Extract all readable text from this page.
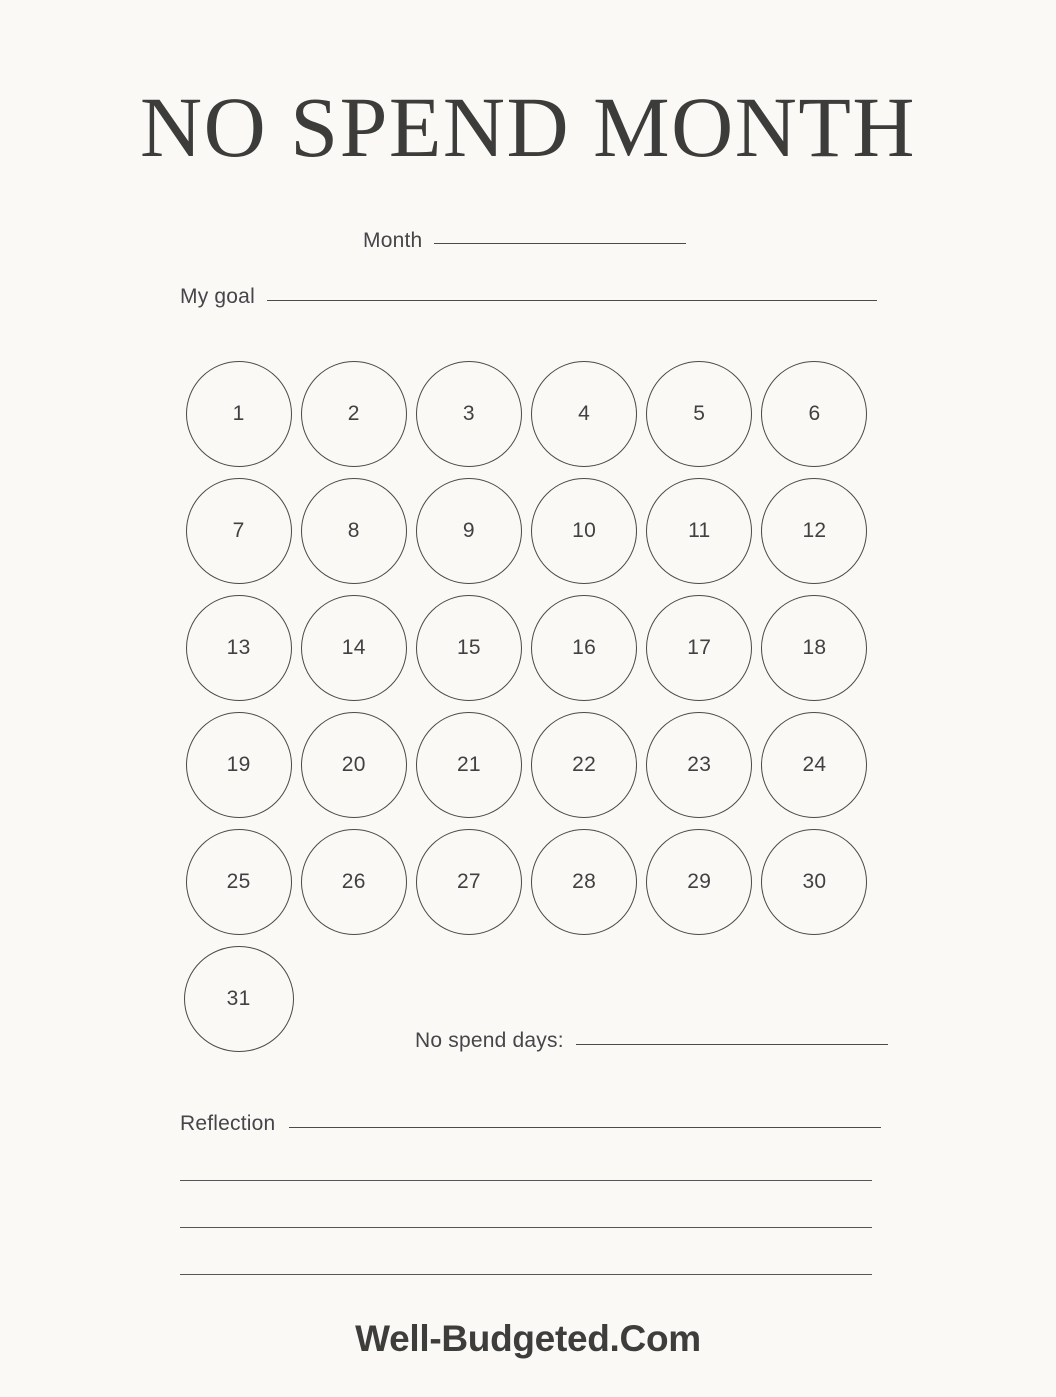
NO SPEND MONTH
Month
My goal
1	2	3	4	5	6
7	8	9	10	11	12
13	14	15	16	17	18
19	20	21	22	23	24
25	26	27	28	29	30
31
No spend days:
Reflection
Well-Budgeted.Com
